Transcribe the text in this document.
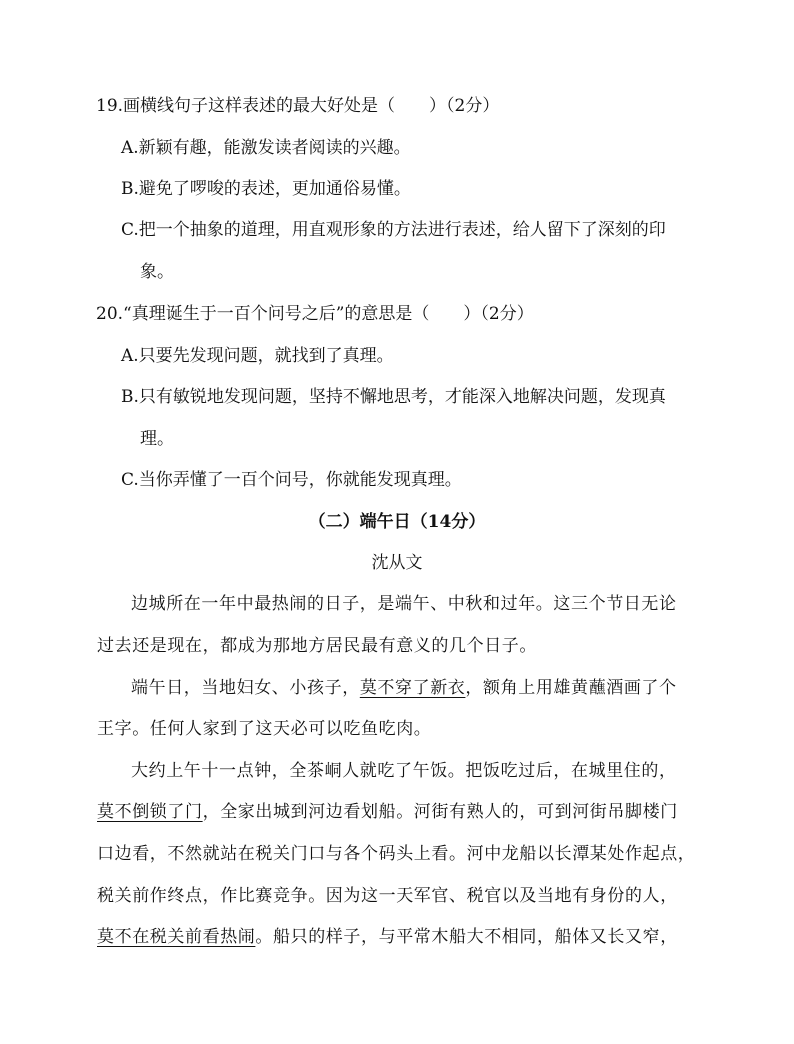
19.画横线句子这样表述的最大好处是（　　）（2分）
A.新颖有趣，能激发读者阅读的兴趣。
B.避免了啰唆的表述，更加通俗易懂。
C.把一个抽象的道理，用直观形象的方法进行表述，给人留下了深刻的印
象。
20.“真理诞生于一百个问号之后”的意思是（　　）（2分）
A.只要先发现问题，就找到了真理。
B.只有敏锐地发现问题，坚持不懈地思考，才能深入地解决问题，发现真
理。
C.当你弄懂了一百个问号，你就能发现真理。
（二）端午日（14分）
沈从文
边城所在一年中最热闹的日子，是端午、中秋和过年。这三个节日无论
过去还是现在，都成为那地方居民最有意义的几个日子。
端午日，当地妇女、小孩子，莫不穿了新衣，额角上用雄黄蘸酒画了个
王字。任何人家到了这天必可以吃鱼吃肉。
大约上午十一点钟，全茶峒人就吃了午饭。把饭吃过后，在城里住的，
莫不倒锁了门，全家出城到河边看划船。河街有熟人的，可到河街吊脚楼门
口边看，不然就站在税关门口与各个码头上看。河中龙船以长潭某处作起点，
税关前作终点，作比赛竞争。因为这一天军官、税官以及当地有身份的人，
莫不在税关前看热闹。船只的样子，与平常木船大不相同，船体又长又窄，
